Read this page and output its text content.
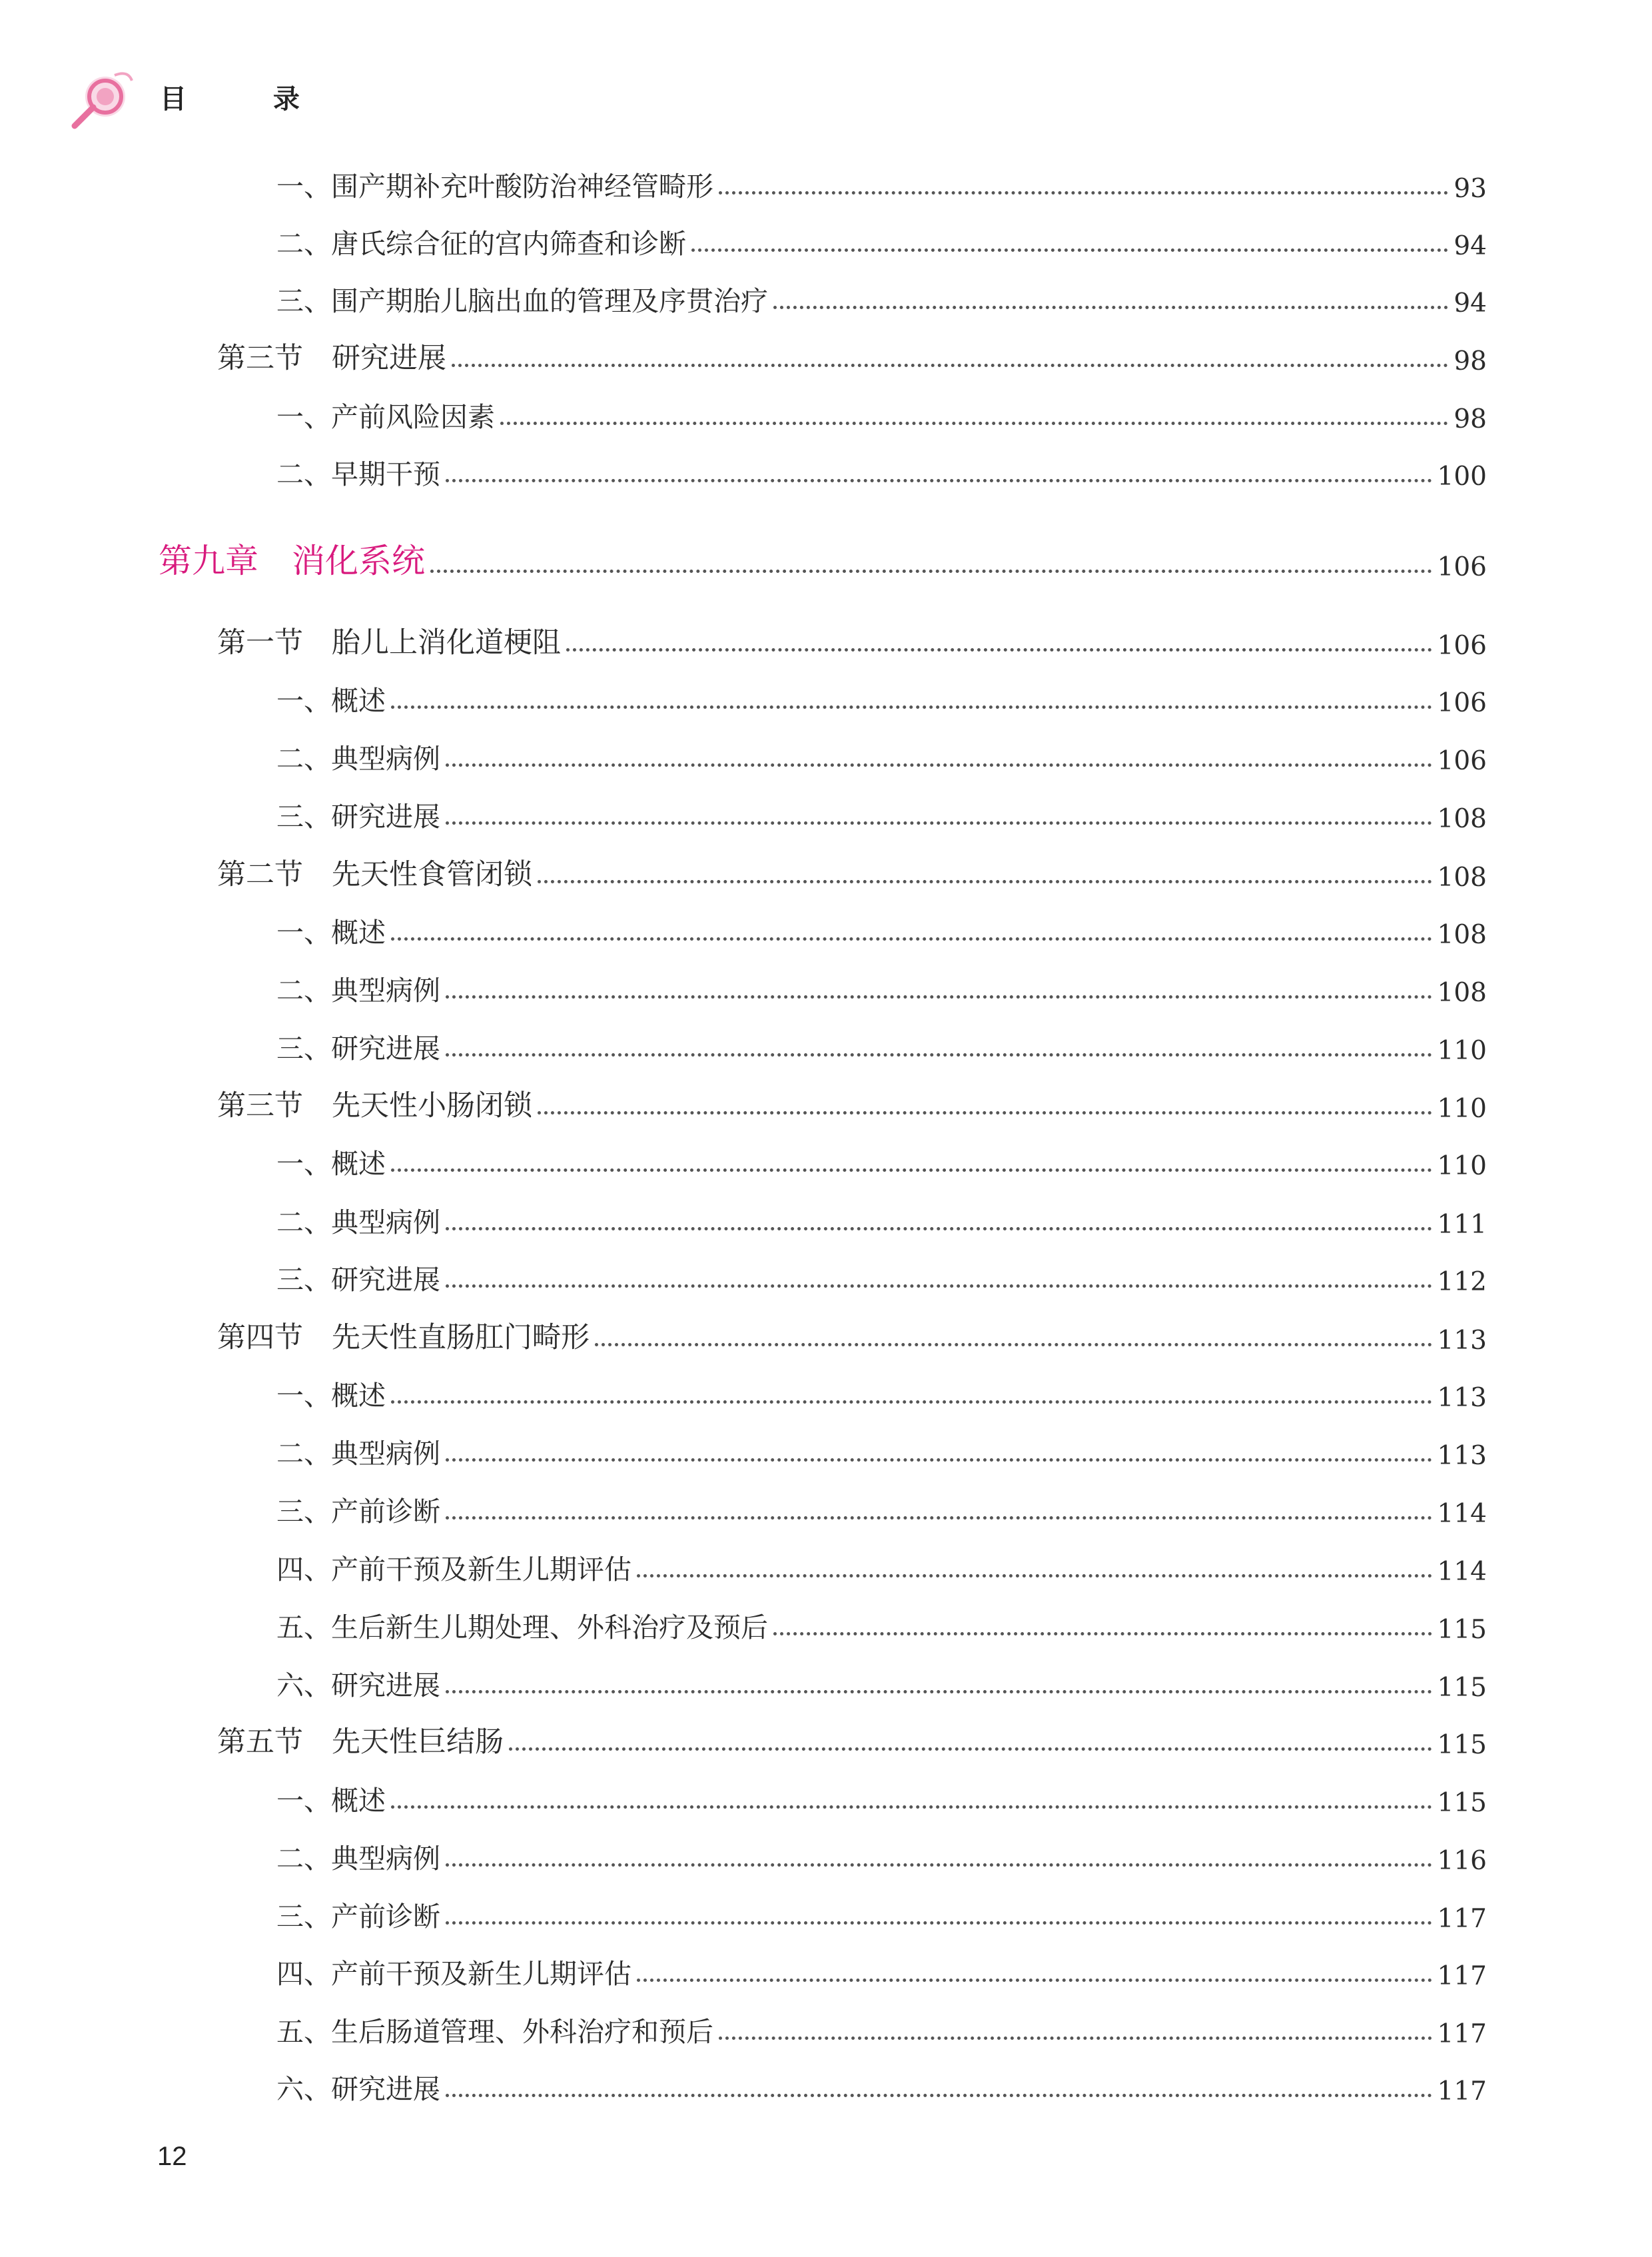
目 录
一、围产期补充叶酸防治神经管畸形	93
二、唐氏综合征的宫内筛查和诊断	94
三、围产期胎儿脑出血的管理及序贯治疗	94
第三节　研究进展	98
一、产前风险因素	98
二、早期干预	100
第九章　消化系统	106
第一节　胎儿上消化道梗阻	106
一、概述	106
二、典型病例	106
三、研究进展	108
第二节　先天性食管闭锁	108
一、概述	108
二、典型病例	108
三、研究进展	110
第三节　先天性小肠闭锁	110
一、概述	110
二、典型病例	111
三、研究进展	112
第四节　先天性直肠肛门畸形	113
一、概述	113
二、典型病例	113
三、产前诊断	114
四、产前干预及新生儿期评估	114
五、生后新生儿期处理、外科治疗及预后	115
六、研究进展	115
第五节　先天性巨结肠	115
一、概述	115
二、典型病例	116
三、产前诊断	117
四、产前干预及新生儿期评估	117
五、生后肠道管理、外科治疗和预后	117
六、研究进展	117
12
